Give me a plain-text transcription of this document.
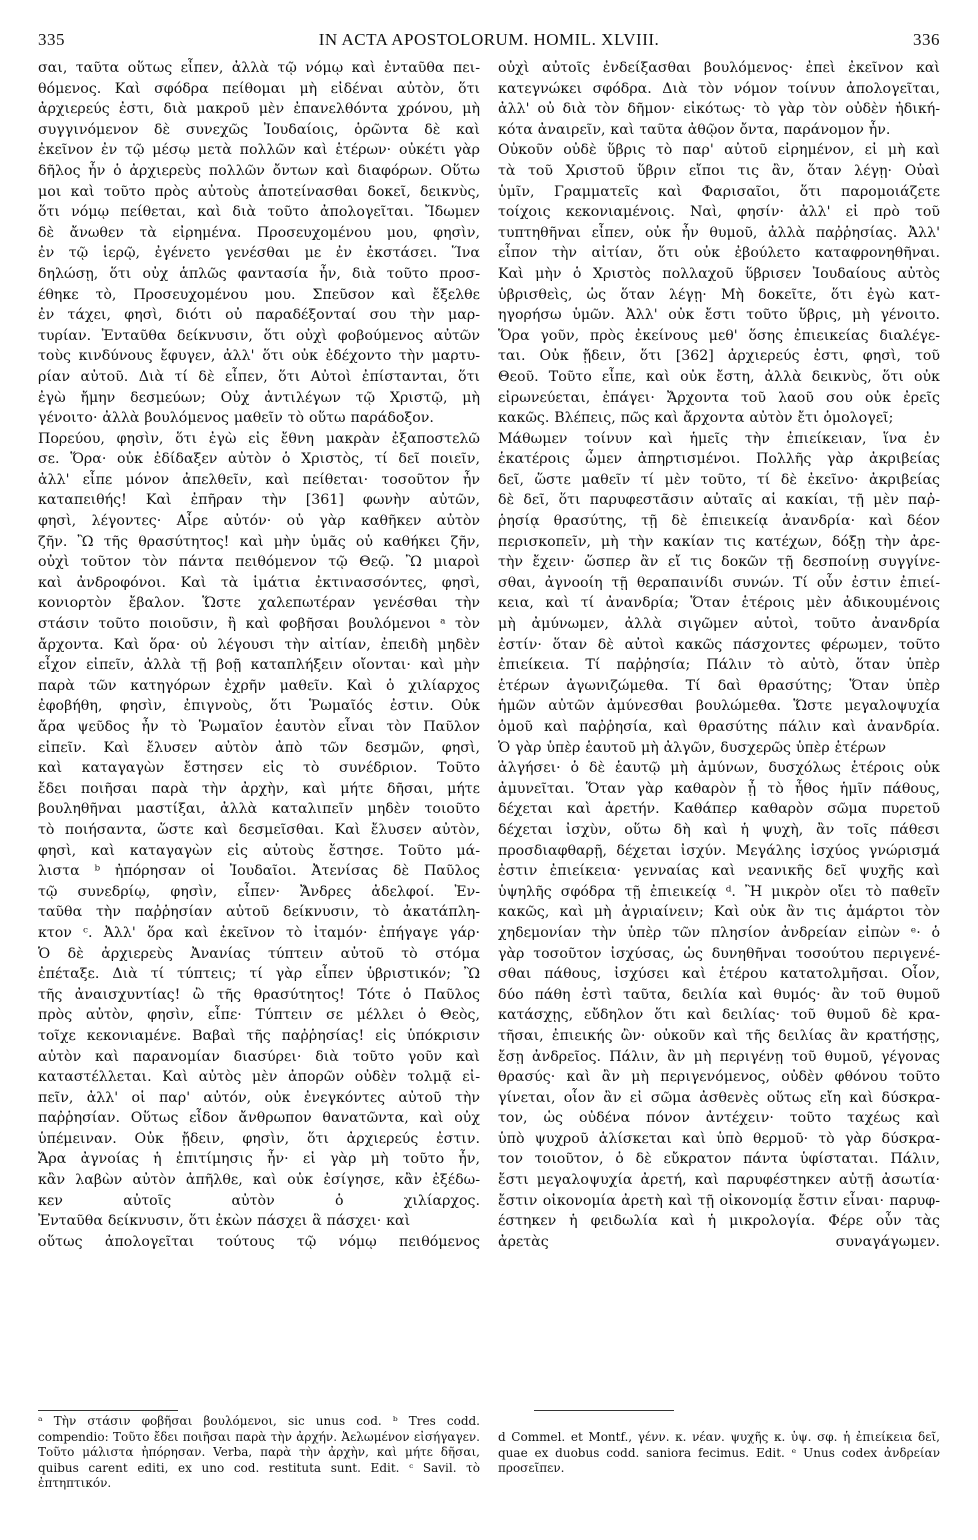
335	IN ACTA APOSTOLORUM. HOMIL. XLVIII.	336
σαι, ταῦτα οὕτως εἶπεν, ἀλλὰ τῷ νόμῳ καὶ ἐνταῦθα πει-
θόμενος. Καὶ σφόδρα πείθομαι μὴ εἰδέναι αὐτὸν, ὅτι
ἀρχιερεύς ἐστι, διὰ μακροῦ μὲν ἐπανελθόντα χρόνου, μὴ
συγγινόμενον δὲ συνεχῶς Ἰουδαίοις, ὁρῶντα δὲ καὶ
ἐκεῖνον ἐν τῷ μέσῳ μετὰ πολλῶν καὶ ἑτέρων· οὐκέτι γὰρ
δῆλος ἦν ὁ ἀρχιερεὺς πολλῶν ὄντων καὶ διαφόρων. Οὕτω
μοι καὶ τοῦτο πρὸς αὐτοὺς ἀποτείνασθαι δοκεῖ, δεικνὺς,
ὅτι νόμῳ πείθεται, καὶ διὰ τοῦτο ἀπολογεῖται. Ἴδωμεν
δὲ ἄνωθεν τὰ εἰρημένα. Προσευχομένου μου, φησὶν,
ἐν τῷ ἱερῷ, ἐγένετο γενέσθαι με ἐν ἐκστάσει. Ἵνα
δηλώσῃ, ὅτι οὐχ ἁπλῶς φαντασία ἦν, διὰ τοῦτο προσ-
έθηκε τὸ, Προσευχομένου μου. Σπεῦσον καὶ ἔξελθε
ἐν τάχει, φησὶ, διότι οὐ παραδέξονταί σου τὴν μαρ-
τυρίαν. Ἐνταῦθα δείκνυσιν, ὅτι οὐχὶ φοβούμενος αὐτῶν
τοὺς κινδύνους ἔφυγεν, ἀλλ' ὅτι οὐκ ἐδέχοντο τὴν μαρτυ-
ρίαν αὐτοῦ. Διὰ τί δὲ εἶπεν, ὅτι Αὐτοὶ ἐπίστανται, ὅτι
ἐγὼ ἤμην δεσμεύων; Οὐχ ἀντιλέγων τῷ Χριστῷ, μὴ
γένοιτο· ἀλλὰ βουλόμενος μαθεῖν τὸ οὕτω παράδοξον.
Πορεύου, φησὶν, ὅτι ἐγὼ εἰς ἔθνη μακρὰν ἐξαποστελῶ
σε. Ὅρα· οὐκ ἐδίδαξεν αὐτὸν ὁ Χριστὸς, τί δεῖ ποιεῖν,
ἀλλ' εἶπε μόνον ἀπελθεῖν, καὶ πείθεται· τοσοῦτον ἦν
καταπειθής! Καὶ ἐπῆραν τὴν [361] φωνὴν αὐτῶν,
φησὶ, λέγοντες· Αἶρε αὐτόν· οὐ γὰρ καθῆκεν αὐτὸν
ζῆν. Ὢ τῆς θρασύτητος! καὶ μὴν ὑμᾶς οὐ καθήκει ζῆν,
οὐχὶ τοῦτον τὸν πάντα πειθόμενον τῷ Θεῷ. Ὢ μιαροὶ
καὶ ἀνδροφόνοι. Καὶ τὰ ἱμάτια ἐκτινασσόντες, φησὶ,
κονιορτὸν ἔβαλον. Ὥστε χαλεπωτέραν γενέσθαι τὴν
στάσιν τοῦτο ποιοῦσιν, ἢ καὶ φοβῆσαι βουλόμενοι ᵃ τὸν
ἄρχοντα. Καὶ ὅρα· οὐ λέγουσι τὴν αἰτίαν, ἐπειδὴ μηδὲν
εἶχον εἰπεῖν, ἀλλὰ τῇ βοῇ καταπλήξειν οἴονται· καὶ μὴν
παρὰ τῶν κατηγόρων ἐχρῆν μαθεῖν. Καὶ ὁ χιλίαρχος
ἐφοβήθη, φησὶν, ἐπιγνοὺς, ὅτι Ῥωμαῖός ἐστιν. Οὐκ
ἄρα ψεῦδος ἦν τὸ Ῥωμαῖον ἑαυτὸν εἶναι τὸν Παῦλον
εἰπεῖν. Καὶ ἔλυσεν αὐτὸν ἀπὸ τῶν δεσμῶν, φησὶ,
καὶ καταγαγὼν ἔστησεν εἰς τὸ συνέδριον. Τοῦτο
ἔδει ποιῆσαι παρὰ τὴν ἀρχὴν, καὶ μήτε δῆσαι, μήτε
βουληθῆναι μαστίξαι, ἀλλὰ καταλιπεῖν μηδὲν τοιοῦτο
τὸ ποιήσαντα, ὥστε καὶ δεσμεῖσθαι. Καὶ ἔλυσεν αὐτὸν,
φησὶ, καὶ καταγαγὼν εἰς αὐτοὺς ἔστησε. Τοῦτο μά-
λιστα ᵇ ἠπόρησαν οἱ Ἰουδαῖοι. Ἀτενίσας δὲ Παῦλος
τῷ συνεδρίῳ, φησὶν, εἶπεν· Ἄνδρες ἀδελφοί. Ἐν-
ταῦθα τὴν παῤῥησίαν αὐτοῦ δείκνυσιν, τὸ ἀκατάπλη-
κτον ᶜ. Ἀλλ' ὅρα καὶ ἐκεῖνον τὸ ἰταμόν· ἐπήγαγε γάρ·
Ὁ δὲ ἀρχιερεὺς Ἀνανίας τύπτειν αὐτοῦ τὸ στόμα
ἐπέταξε. Διὰ τί τύπτεις; τί γὰρ εἶπεν ὑβριστικόν; Ὢ
τῆς ἀναισχυντίας! ὢ τῆς θρασύτητος! Τότε ὁ Παῦλος
πρὸς αὐτὸν, φησὶν, εἶπε· Τύπτειν σε μέλλει ὁ Θεὸς,
τοῖχε κεκονιαμένε. Βαβαὶ τῆς παῤῥησίας! εἰς ὑπόκρισιν
αὐτὸν καὶ παρανομίαν διασύρει· διὰ τοῦτο γοῦν καὶ
καταστέλλεται. Καὶ αὐτὸς μὲν ἀπορῶν οὐδὲν τολμᾷ εἰ-
πεῖν, ἀλλ' οἱ παρ' αὐτόν, οὐκ ἐνεγκόντες αὐτοῦ τὴν
παῤῥησίαν. Οὕτως εἶδον ἄνθρωπον θανατῶντα, καὶ οὐχ
ὑπέμειναν. Οὐκ ᾔδειν, φησὶν, ὅτι ἀρχιερεύς ἐστιν.
Ἄρα ἀγνοίας ἡ ἐπιτίμησις ἦν· εἰ γὰρ μὴ τοῦτο ἦν,
κἂν λαβὼν αὐτὸν ἀπῆλθε, καὶ οὐκ ἐσίγησε, κἂν ἐξέδω-
κεν αὐτοῖς αὐτὸν ὁ χιλίαρχος.
Ἐνταῦθα δείκνυσιν, ὅτι ἐκὼν πάσχει ἃ πάσχει· καὶ
οὕτως ἀπολογεῖται τούτους τῷ νόμῳ πειθόμενος
οὐχὶ αὐτοῖς ἐνδείξασθαι βουλόμενος· ἐπεὶ ἐκεῖνον καὶ
κατεγνώκει σφόδρα. Διὰ τὸν νόμον τοίνυν ἀπολογεῖται,
ἀλλ' οὐ διὰ τὸν δῆμον· εἰκότως· τὸ γὰρ τὸν οὐδὲν ἠδική-
κότα ἀναιρεῖν, καὶ ταῦτα ἀθῷον ὄντα, παράνομον ἦν.
Οὐκοῦν οὐδὲ ὕβρις τὸ παρ' αὐτοῦ εἰρημένον, εἰ μὴ καὶ
τὰ τοῦ Χριστοῦ ὕβριν εἴποι τις ἂν, ὅταν λέγῃ· Οὐαὶ
ὑμῖν, Γραμματεῖς καὶ Φαρισαῖοι, ὅτι παρομοιάζετε
τοίχοις κεκονιαμένοις. Ναὶ, φησίν· ἀλλ' εἰ πρὸ τοῦ
τυπτηθῆναι εἶπεν, οὐκ ἦν θυμοῦ, ἀλλὰ παῤῥησίας. Ἀλλ'
εἶπον τὴν αἰτίαν, ὅτι οὐκ ἐβούλετο καταφρονηθῆναι.
Καὶ μὴν ὁ Χριστὸς πολλαχοῦ ὕβρισεν Ἰουδαίους αὐτὸς
ὑβρισθεὶς, ὡς ὅταν λέγῃ· Μὴ δοκεῖτε, ὅτι ἐγὼ κατ-
ηγορήσω ὑμῶν. Ἀλλ' οὐκ ἔστι τοῦτο ὕβρις, μὴ γένοιτο.
Ὅρα γοῦν, πρὸς ἐκείνους μεθ' ὅσης ἐπιεικείας διαλέγε-
ται. Οὐκ ᾔδειν, ὅτι [362] ἀρχιερεύς ἐστι, φησὶ, τοῦ
Θεοῦ. Τοῦτο εἶπε, καὶ οὐκ ἔστη, ἀλλὰ δεικνὺς, ὅτι οὐκ
εἰρωνεύεται, ἐπάγει· Ἄρχοντα τοῦ λαοῦ σου οὐκ ἐρεῖς
κακῶς. Βλέπεις, πῶς καὶ ἄρχοντα αὐτὸν ἔτι ὁμολογεῖ;
Μάθωμεν τοίνυν καὶ ἡμεῖς τὴν ἐπιείκειαν, ἵνα ἐν
ἑκατέροις ὦμεν ἀπηρτισμένοι. Πολλῆς γὰρ ἀκριβείας
δεῖ, ὥστε μαθεῖν τί μὲν τοῦτο, τί δὲ ἐκεῖνο· ἀκριβείας
δὲ δεῖ, ὅτι παρυφεστᾶσιν αὐταῖς αἱ κακίαι, τῇ μὲν παῤ-
ῥησίᾳ θρασύτης, τῇ δὲ ἐπιεικείᾳ ἀνανδρία· καὶ δέον
περισκοπεῖν, μὴ τὴν κακίαν τις κατέχων, δόξῃ τὴν ἀρε-
τὴν ἔχειν· ὥσπερ ἂν εἴ τις δοκῶν τῇ δεσποίνῃ συγγίνε-
σθαι, ἀγνοοίη τῇ θεραπαινίδι συνών. Τί οὖν ἐστιν ἐπιεί-
κεια, καὶ τί ἀνανδρία; Ὅταν ἑτέροις μὲν ἀδικουμένοις
μὴ ἀμύνωμεν, ἀλλὰ σιγῶμεν αὐτοὶ, τοῦτο ἀνανδρία
ἐστίν· ὅταν δὲ αὐτοὶ κακῶς πάσχοντες φέρωμεν, τοῦτο
ἐπιείκεια. Τί παῤῥησία; Πάλιν τὸ αὐτὸ, ὅταν ὑπὲρ
ἑτέρων ἀγωνιζώμεθα. Τί δαὶ θρασύτης; Ὅταν ὑπὲρ
ἡμῶν αὐτῶν ἀμύνεσθαι βουλώμεθα. Ὥστε μεγαλοψυχία
ὁμοῦ καὶ παῤῥησία, καὶ θρασύτης πάλιν καὶ ἀνανδρία.
Ὁ γὰρ ὑπὲρ ἑαυτοῦ μὴ ἀλγῶν, δυσχερῶς ὑπὲρ ἑτέρων
ἀλγήσει· ὁ δὲ ἑαυτῷ μὴ ἀμύνων, δυσχόλως ἑτέροις οὐκ
ἀμυνεῖται. Ὅταν γὰρ καθαρὸν ᾖ τὸ ἦθος ἡμῖν πάθους,
δέχεται καὶ ἀρετήν. Καθάπερ καθαρὸν σῶμα πυρετοῦ
δέχεται ἰσχὺν, οὕτω δὴ καὶ ἡ ψυχὴ, ἂν τοῖς πάθεσι
προσδιαφθαρῇ, δέχεται ἰσχύν. Μεγάλης ἰσχύος γνώρισμά
ἐστιν ἐπιείκεια· γενναίας καὶ νεανικῆς δεῖ ψυχῆς καὶ
ὑψηλῆς σφόδρα τῇ ἐπιεικείᾳ ᵈ. Ἢ μικρὸν οἴει τὸ παθεῖν
κακῶς, καὶ μὴ ἀγριαίνειν; Καὶ οὐκ ἂν τις ἁμάρτοι τὸν
χηδεμονίαν τὴν ὑπὲρ τῶν πλησίον ἀνδρείαν εἰπὼν ᵉ· ὁ
γὰρ τοσοῦτον ἰσχύσας, ὡς δυνηθῆναι τοσούτου περιγενέ-
σθαι πάθους, ἰσχύσει καὶ ἑτέρου κατατολμῆσαι. Οἷον,
δύο πάθη ἐστὶ ταῦτα, δειλία καὶ θυμός· ἂν τοῦ θυμοῦ
κατάσχῃς, εὔδηλον ὅτι καὶ δειλίας· τοῦ θυμοῦ δὲ κρα-
τῆσαι, ἐπιεικής ὢν· οὐκοῦν καὶ τῆς δειλίας ἂν κρατήσῃς,
ἔσῃ ἀνδρεῖος. Πάλιν, ἂν μὴ περιγένῃ τοῦ θυμοῦ, γέγονας
θρασύς· καὶ ἂν μὴ περιγενόμενος, οὐδὲν φθόνου τοῦτο
γίνεται, οἷον ἂν εἰ σῶμα ἀσθενὲς οὕτως εἴη καὶ δύσκρα-
τον, ὡς οὐδένα πόνον ἀντέχειν· τοῦτο ταχέως καὶ
ὑπὸ ψυχροῦ ἁλίσκεται καὶ ὑπὸ θερμοῦ· τὸ γὰρ δύσκρα-
τον τοιοῦτον, ὁ δὲ εὔκρατον πάντα ὑφίσταται. Πάλιν,
ἔστι μεγαλοψυχία ἀρετή, καὶ παρυφέστηκεν αὐτῇ ἀσωτία·
ἔστιν οἰκονομία ἀρετὴ καὶ τῇ οἰκονομίᾳ ἔστιν εἶναι· παρυφ-
έστηκεν ἡ φειδωλία καὶ ἡ μικρολογία. Φέρε οὖν τὰς
ἀρετὰς συναγάγωμεν.
ᵃ Τὴν στάσιν φοβῆσαι βουλόμενοι, sic unus cod. ᵇ Tres codd. compendio: Τοῦτο ἔδει ποιῆσαι παρὰ τὴν ἀρχήν. Ἀελωμένον εἰσήγαγεν. Τοῦτο μάλιστα ἠπόρησαν. Verba, παρὰ τὴν ἀρχὴν, καὶ μήτε δῆσαι, quibus carent editi, ex uno cod. restituta sunt. Edit. ᶜ Savil. τὸ ἐπτηπτικόν.
d Commel. et Montf., γένν. κ. νέαν. ψυχῆς κ. ὑψ. σφ. ἡ ἐπιείκεια δεῖ, quae ex duobus codd. saniora fecimus. Edit. ᵉ Unus codex ἀνδρείαν προσεῖπεν.
